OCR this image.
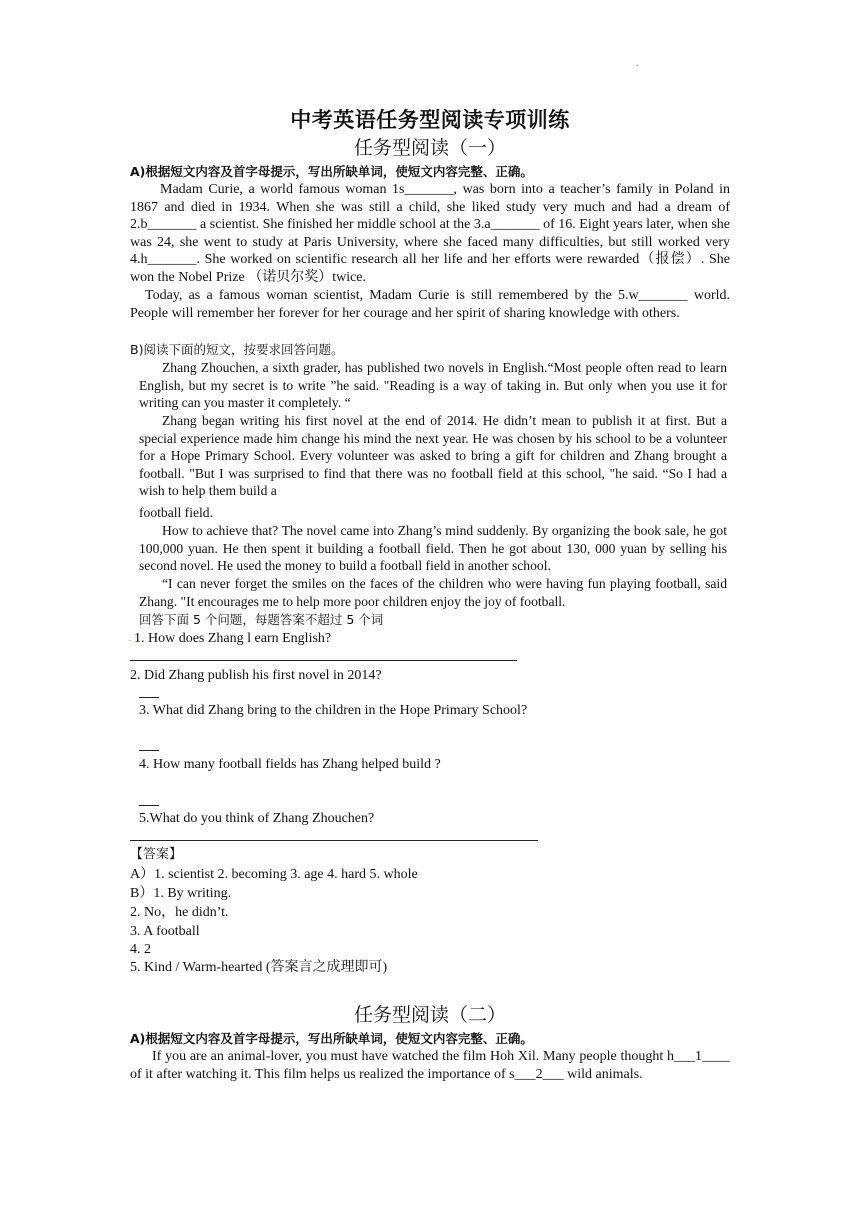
.
中考英语任务型阅读专项训练
任务型阅读（一）
A)根据短文内容及首字母提示，写出所缺单词，使短文内容完整、正确。
Madam Curie, a world famous woman 1s_______, was born into a teacher’s family in Poland in 1867 and died in 1934. When she was still a child, she liked study very much and had a dream of 2.b_______ a scientist. She finished her middle school at the 3.a_______ of 16. Eight years later, when she was 24, she went to study at Paris University, where she faced many difficulties, but still worked very 4.h_______. She worked on scientific research all her life and her efforts were rewarded（报偿）. She won the Nobel Prize （诺贝尔奖）twice.
Today, as a famous woman scientist, Madam Curie is still remembered by the 5.w_______ world. People will remember her forever for her courage and her spirit of sharing knowledge with others.
B)阅读下面的短文，按要求回答问题。
Zhang Zhouchen, a sixth grader, has published two novels in English.“Most people often read to learn English, but my secret is to write ”he said. "Reading is a way of taking in. But only when you use it for writing can you master it completely. “
Zhang began writing his first novel at the end of 2014. He didn’t mean to publish it at first. But a special experience made him change his mind the next year. He was chosen by his school to be a volunteer for a Hope Primary School. Every volunteer was asked to bring a gift for children and Zhang brought a football. "But I was surprised to find that there was no football field at this school, "he said. “So I had a wish to help them build a
football field.
How to achieve that? The novel came into Zhang’s mind suddenly. By organizing the book sale, he got 100,000 yuan. He then spent it building a football field. Then he got about 130, 000 yuan by selling his second novel. He used the money to build a football field in another school.
“I can never forget the smiles on the faces of the children who were having fun playing football, said Zhang. "It encourages me to help more poor children enjoy the joy of football.
回答下面 5 个问题，每题答案不超过 5 个词
. 1. How does Zhang l earn English?
2. Did Zhang publish his first novel in 2014?
3. What did Zhang bring to the children in the Hope Primary School?
4. How many football fields has Zhang helped build ?
5.What do you think of Zhang Zhouchen?
【答案】
A）1. scientist 2. becoming 3. age 4. hard 5. whole
B）1. By writing.
2. No，he didn’t.
3. A football
4. 2
5. Kind / Warm-hearted (答案言之成理即可)
任务型阅读（二）
A)根据短文内容及首字母提示，写出所缺单词，使短文内容完整、正确。
If you are an animal-lover, you must have watched the film Hoh Xil. Many people thought h___1____ of it after watching it. This film helps us realized the importance of s___2___ wild animals.
